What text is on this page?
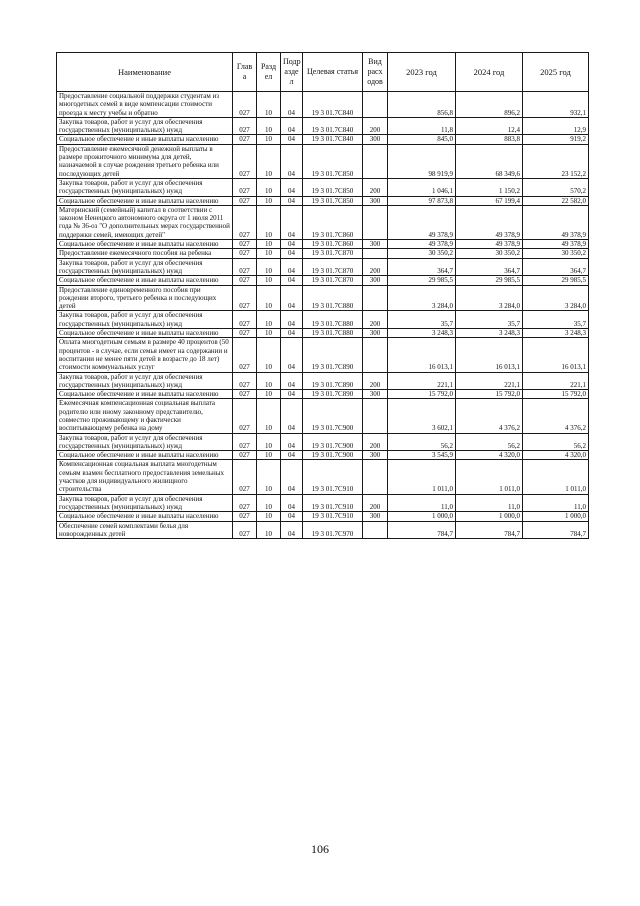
Наименование	Глав а	Разд ел	Подр азде л	Целевая статья	Вид расх одов	2023 год	2024 год	2025 год
Предоставление социальной поддержки студентам из многодетных семей в виде компенсации стоимости проезда к месту учебы и обратно	027	10	04	19 3 01.7С840		856,8	896,2	932,1
Закупка товаров, работ и услуг для обеспечения государственных (муниципальных) нужд	027	10	04	19 3 01.7С840	200	11,8	12,4	12,9
Социальное обеспечение и иные выплаты населению	027	10	04	19 3 01.7С840	300	845,0	883,8	919,2
Предоставление ежемесячной денежной выплаты в размере прожиточного минимума для детей, назначаемой в случае рождения третьего ребенка или последующих детей	027	10	04	19 3 01.7С850		98 919,9	68 349,6	23 152,2
Закупка товаров, работ и услуг для обеспечения государственных (муниципальных) нужд	027	10	04	19 3 01.7С850	200	1 046,1	1 150,2	570,2
Социальное обеспечение и иные выплаты населению	027	10	04	19 3 01.7С850	300	97 873,8	67 199,4	22 582,0
Материнский (семейный) капитал в соответствии с законом Ненецкого автономного округа от 1 июля 2011 года № 36-оз "О дополнительных мерах государственной поддержки семей, имеющих детей"	027	10	04	19 3 01.7С860		49 378,9	49 378,9	49 378,9
Социальное обеспечение и иные выплаты населению	027	10	04	19 3 01.7С860	300	49 378,9	49 378,9	49 378,9
Предоставление ежемесячного пособия на ребенка	027	10	04	19 3 01.7С870		30 350,2	30 350,2	30 350,2
Закупка товаров, работ и услуг для обеспечения государственных (муниципальных) нужд	027	10	04	19 3 01.7С870	200	364,7	364,7	364,7
Социальное обеспечение и иные выплаты населению	027	10	04	19 3 01.7С870	300	29 985,5	29 985,5	29 985,5
Предоставление единовременного пособия при рождении второго, третьего ребенка и последующих детей	027	10	04	19 3 01.7С880		3 284,0	3 284,0	3 284,0
Закупка товаров, работ и услуг для обеспечения государственных (муниципальных) нужд	027	10	04	19 3 01.7С880	200	35,7	35,7	35,7
Социальное обеспечение и иные выплаты населению	027	10	04	19 3 01.7С880	300	3 248,3	3 248,3	3 248,3
Оплата многодетным семьям в размере 40 процентов (50 процентов - в случае, если семья имеет на содержании и воспитании не менее пяти детей в возрасте до 18 лет) стоимости коммунальных услуг	027	10	04	19 3 01.7С890		16 013,1	16 013,1	16 013,1
Закупка товаров, работ и услуг для обеспечения государственных (муниципальных) нужд	027	10	04	19 3 01.7С890	200	221,1	221,1	221,1
Социальное обеспечение и иные выплаты населению	027	10	04	19 3 01.7С890	300	15 792,0	15 792,0	15 792,0
Ежемесячная компенсационная социальная выплата родителю или иному законному представителю, совместно проживающему и фактически воспитывающему ребенка на дому	027	10	04	19 3 01.7С900		3 602,1	4 376,2	4 376,2
Закупка товаров, работ и услуг для обеспечения государственных (муниципальных) нужд	027	10	04	19 3 01.7С900	200	56,2	56,2	56,2
Социальное обеспечение и иные выплаты населению	027	10	04	19 3 01.7С900	300	3 545,9	4 320,0	4 320,0
Компенсационная социальная выплата многодетным семьям взамен бесплатного предоставления земельных участков для индивидуального жилищного строительства	027	10	04	19 3 01.7С910		1 011,0	1 011,0	1 011,0
Закупка товаров, работ и услуг для обеспечения государственных (муниципальных) нужд	027	10	04	19 3 01.7С910	200	11,0	11,0	11,0
Социальное обеспечение и иные выплаты населению	027	10	04	19 3 01.7С910	300	1 000,0	1 000,0	1 000,0
Обеспечение семей комплектами белья для новорожденных детей	027	10	04	19 3 01.7С970		784,7	784,7	784,7
106
